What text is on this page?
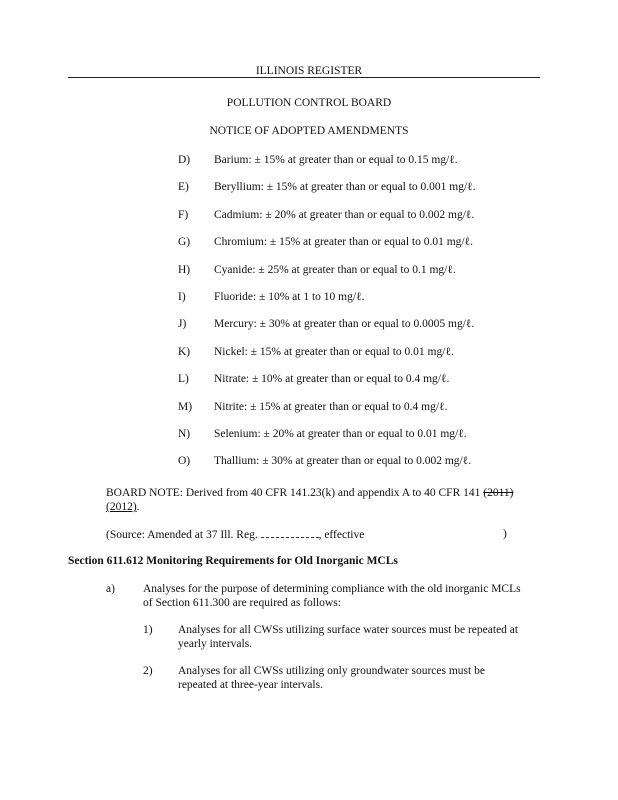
ILLINOIS REGISTER
POLLUTION CONTROL BOARD
NOTICE OF ADOPTED AMENDMENTS
D) Barium: ± 15% at greater than or equal to 0.15 mg/ℓ.
E) Beryllium: ± 15% at greater than or equal to 0.001 mg/ℓ.
F) Cadmium: ± 20% at greater than or equal to 0.002 mg/ℓ.
G) Chromium: ± 15% at greater than or equal to 0.01 mg/ℓ.
H) Cyanide: ± 25% at greater than or equal to 0.1 mg/ℓ.
I) Fluoride: ± 10% at 1 to 10 mg/ℓ.
J) Mercury: ± 30% at greater than or equal to 0.0005 mg/ℓ.
K) Nickel: ± 15% at greater than or equal to 0.01 mg/ℓ.
L) Nitrate: ± 10% at greater than or equal to 0.4 mg/ℓ.
M) Nitrite: ± 15% at greater than or equal to 0.4 mg/ℓ.
N) Selenium: ± 20% at greater than or equal to 0.01 mg/ℓ.
O) Thallium: ± 30% at greater than or equal to 0.002 mg/ℓ.
BOARD NOTE: Derived from 40 CFR 141.23(k) and appendix A to 40 CFR 141 (2011)
(2012).
(Source: Amended at 37 Ill. Reg.	, effective	)
Section 611.612 Monitoring Requirements for Old Inorganic MCLs
a) Analyses for the purpose of determining compliance with the old inorganic MCLs
of Section 611.300 are required as follows:
1) Analyses for all CWSs utilizing surface water sources must be repeated at
yearly intervals.
2) Analyses for all CWSs utilizing only groundwater sources must be
repeated at three-year intervals.
